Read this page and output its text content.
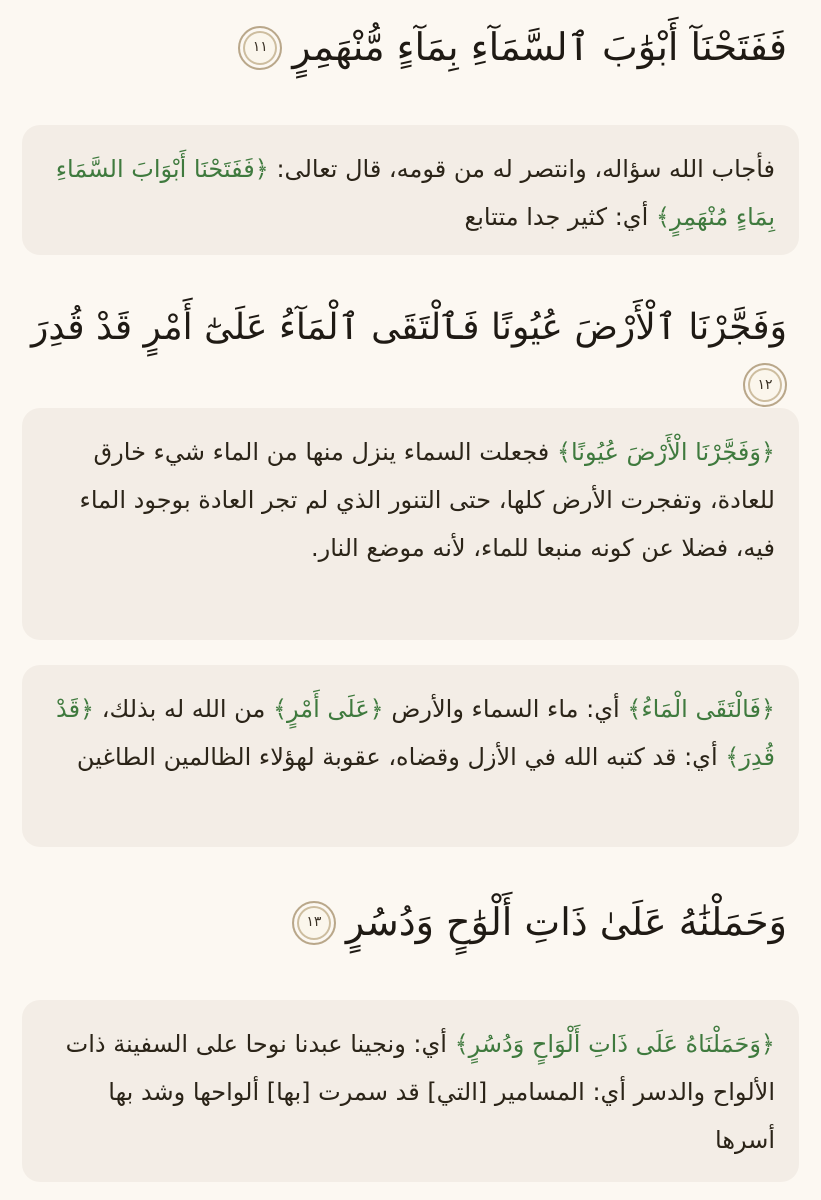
فَفَتَحْنَآ أَبْوَٰبَ ٱلسَّمَآءِ بِمَآءٍ مُّنْهَمِرٍ
١١
فأجاب الله سؤاله، وانتصر له من قومه، قال تعالى: ﴿فَفَتَحْنَا أَبْوَابَ السَّمَاءِ بِمَاءٍ مُنْهَمِرٍ﴾ أي: كثير جدا متتابع
وَفَجَّرْنَا ٱلْأَرْضَ عُيُونًا فَٱلْتَقَى ٱلْمَآءُ عَلَىٰٓ أَمْرٍ قَدْ قُدِرَ
١٢
﴿وَفَجَّرْنَا الْأَرْضَ عُيُونًا﴾ فجعلت السماء ينزل منها من الماء شيء خارق للعادة، وتفجرت الأرض كلها، حتى التنور الذي لم تجر العادة بوجود الماء فيه، فضلا عن كونه منبعا للماء، لأنه موضع النار.
﴿فَالْتَقَى الْمَاءُ﴾ أي: ماء السماء والأرض ﴿عَلَى أَمْرٍ﴾ من الله له بذلك، ﴿قَدْ قُدِرَ﴾ أي: قد كتبه الله في الأزل وقضاه، عقوبة لهؤلاء الظالمين الطاغين
وَحَمَلْنَٰهُ عَلَىٰ ذَاتِ أَلْوَٰحٍ وَدُسُرٍ
١٣
﴿وَحَمَلْنَاهُ عَلَى ذَاتِ أَلْوَاحٍ وَدُسُرٍ﴾ أي: ونجينا عبدنا نوحا على السفينة ذات الألواح والدسر أي: المسامير [التي] قد سمرت [بها] ألواحها وشد بها أسرها
